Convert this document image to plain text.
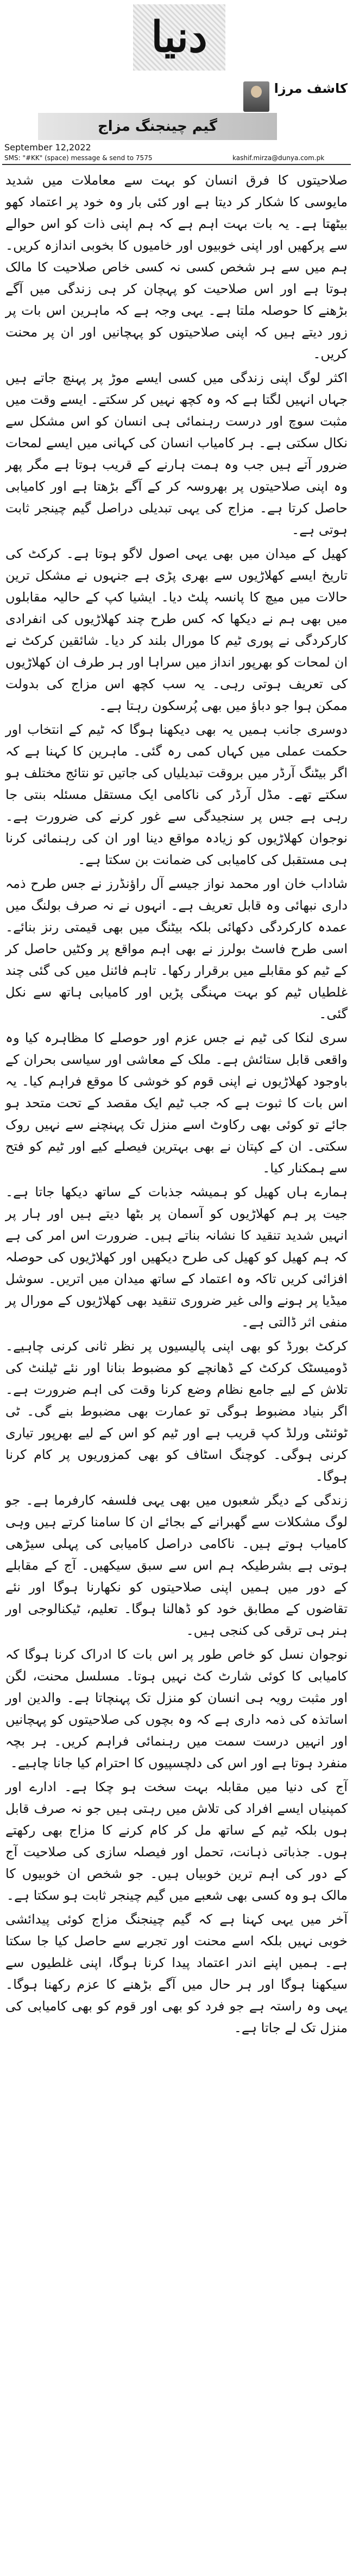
دنیا
کاشف مرزا
گیم چینجنگ مزاج
September 12,2022
SMS: "#KK" (space) message & send to 7575	kashif.mirza@dunya.com.pk

صلاحیتوں کا فرق انسان کو بہت سے معاملات میں شدید مایوسی کا شکار کر دیتا ہے اور کئی بار وہ خود پر اعتماد کھو بیٹھتا ہے۔ یہ بات بہت اہم ہے کہ ہم اپنی ذات کو اس حوالے سے پرکھیں اور اپنی خوبیوں اور خامیوں کا بخوبی اندازہ کریں۔ ہم میں سے ہر شخص کسی نہ کسی خاص صلاحیت کا مالک ہوتا ہے اور اس صلاحیت کو پہچان کر ہی زندگی میں آگے بڑھنے کا حوصلہ ملتا ہے۔ یہی وجہ ہے کہ ماہرین اس بات پر زور دیتے ہیں کہ اپنی صلاحیتوں کو پہچانیں اور ان پر محنت کریں۔

اکثر لوگ اپنی زندگی میں کسی ایسے موڑ پر پہنچ جاتے ہیں جہاں انہیں لگتا ہے کہ وہ کچھ نہیں کر سکتے۔ ایسے وقت میں مثبت سوچ اور درست رہنمائی ہی انسان کو اس مشکل سے نکال سکتی ہے۔ ہر کامیاب انسان کی کہانی میں ایسے لمحات ضرور آتے ہیں جب وہ ہمت ہارنے کے قریب ہوتا ہے مگر پھر وہ اپنی صلاحیتوں پر بھروسہ کر کے آگے بڑھتا ہے اور کامیابی حاصل کرتا ہے۔ مزاج کی یہی تبدیلی دراصل گیم چینجر ثابت ہوتی ہے۔

کھیل کے میدان میں بھی یہی اصول لاگو ہوتا ہے۔ کرکٹ کی تاریخ ایسے کھلاڑیوں سے بھری پڑی ہے جنہوں نے مشکل ترین حالات میں میچ کا پانسہ پلٹ دیا۔ ایشیا کپ کے حالیہ مقابلوں میں بھی ہم نے دیکھا کہ کس طرح چند کھلاڑیوں کی انفرادی کارکردگی نے پوری ٹیم کا مورال بلند کر دیا۔ شائقین کرکٹ نے ان لمحات کو بھرپور انداز میں سراہا اور ہر طرف ان کھلاڑیوں کی تعریف ہوتی رہی۔ یہ سب کچھ اس مزاج کی بدولت ممکن ہوا جو دباؤ میں بھی پُرسکون رہتا ہے۔

دوسری جانب ہمیں یہ بھی دیکھنا ہوگا کہ ٹیم کے انتخاب اور حکمت عملی میں کہاں کمی رہ گئی۔ ماہرین کا کہنا ہے کہ اگر بیٹنگ آرڈر میں بروقت تبدیلیاں کی جاتیں تو نتائج مختلف ہو سکتے تھے۔ مڈل آرڈر کی ناکامی ایک مستقل مسئلہ بنتی جا رہی ہے جس پر سنجیدگی سے غور کرنے کی ضرورت ہے۔ نوجوان کھلاڑیوں کو زیادہ مواقع دینا اور ان کی رہنمائی کرنا ہی مستقبل کی کامیابی کی ضمانت بن سکتا ہے۔

شاداب خان اور محمد نواز جیسے آل راؤنڈرز نے جس طرح ذمہ داری نبھائی وہ قابل تعریف ہے۔ انہوں نے نہ صرف بولنگ میں عمدہ کارکردگی دکھائی بلکہ بیٹنگ میں بھی قیمتی رنز بنائے۔ اسی طرح فاسٹ بولرز نے بھی اہم مواقع پر وکٹیں حاصل کر کے ٹیم کو مقابلے میں برقرار رکھا۔ تاہم فائنل میں کی گئی چند غلطیاں ٹیم کو بہت مہنگی پڑیں اور کامیابی ہاتھ سے نکل گئی۔

سری لنکا کی ٹیم نے جس عزم اور حوصلے کا مظاہرہ کیا وہ واقعی قابل ستائش ہے۔ ملک کے معاشی اور سیاسی بحران کے باوجود کھلاڑیوں نے اپنی قوم کو خوشی کا موقع فراہم کیا۔ یہ اس بات کا ثبوت ہے کہ جب ٹیم ایک مقصد کے تحت متحد ہو جائے تو کوئی بھی رکاوٹ اسے منزل تک پہنچنے سے نہیں روک سکتی۔ ان کے کپتان نے بھی بہترین فیصلے کیے اور ٹیم کو فتح سے ہمکنار کیا۔

ہمارے ہاں کھیل کو ہمیشہ جذبات کے ساتھ دیکھا جاتا ہے۔ جیت پر ہم کھلاڑیوں کو آسمان پر بٹھا دیتے ہیں اور ہار پر انہیں شدید تنقید کا نشانہ بناتے ہیں۔ ضرورت اس امر کی ہے کہ ہم کھیل کو کھیل کی طرح دیکھیں اور کھلاڑیوں کی حوصلہ افزائی کریں تاکہ وہ اعتماد کے ساتھ میدان میں اتریں۔ سوشل میڈیا پر ہونے والی غیر ضروری تنقید بھی کھلاڑیوں کے مورال پر منفی اثر ڈالتی ہے۔

کرکٹ بورڈ کو بھی اپنی پالیسیوں پر نظر ثانی کرنی چاہیے۔ ڈومیسٹک کرکٹ کے ڈھانچے کو مضبوط بنانا اور نئے ٹیلنٹ کی تلاش کے لیے جامع نظام وضع کرنا وقت کی اہم ضرورت ہے۔ اگر بنیاد مضبوط ہوگی تو عمارت بھی مضبوط بنے گی۔ ٹی ٹوئنٹی ورلڈ کپ قریب ہے اور ٹیم کو اس کے لیے بھرپور تیاری کرنی ہوگی۔ کوچنگ اسٹاف کو بھی کمزوریوں پر کام کرنا ہوگا۔

زندگی کے دیگر شعبوں میں بھی یہی فلسفہ کارفرما ہے۔ جو لوگ مشکلات سے گھبرانے کے بجائے ان کا سامنا کرتے ہیں وہی کامیاب ہوتے ہیں۔ ناکامی دراصل کامیابی کی پہلی سیڑھی ہوتی ہے بشرطیکہ ہم اس سے سبق سیکھیں۔ آج کے مقابلے کے دور میں ہمیں اپنی صلاحیتوں کو نکھارنا ہوگا اور نئے تقاضوں کے مطابق خود کو ڈھالنا ہوگا۔ تعلیم، ٹیکنالوجی اور ہنر ہی ترقی کی کنجی ہیں۔

نوجوان نسل کو خاص طور پر اس بات کا ادراک کرنا ہوگا کہ کامیابی کا کوئی شارٹ کٹ نہیں ہوتا۔ مسلسل محنت، لگن اور مثبت رویہ ہی انسان کو منزل تک پہنچاتا ہے۔ والدین اور اساتذہ کی ذمہ داری ہے کہ وہ بچوں کی صلاحیتوں کو پہچانیں اور انہیں درست سمت میں رہنمائی فراہم کریں۔ ہر بچہ منفرد ہوتا ہے اور اس کی دلچسپیوں کا احترام کیا جانا چاہیے۔

آج کی دنیا میں مقابلہ بہت سخت ہو چکا ہے۔ ادارے اور کمپنیاں ایسے افراد کی تلاش میں رہتی ہیں جو نہ صرف قابل ہوں بلکہ ٹیم کے ساتھ مل کر کام کرنے کا مزاج بھی رکھتے ہوں۔ جذباتی ذہانت، تحمل اور فیصلہ سازی کی صلاحیت آج کے دور کی اہم ترین خوبیاں ہیں۔ جو شخص ان خوبیوں کا مالک ہو وہ کسی بھی شعبے میں گیم چینجر ثابت ہو سکتا ہے۔

آخر میں یہی کہنا ہے کہ گیم چینجنگ مزاج کوئی پیدائشی خوبی نہیں بلکہ اسے محنت اور تجربے سے حاصل کیا جا سکتا ہے۔ ہمیں اپنے اندر اعتماد پیدا کرنا ہوگا، اپنی غلطیوں سے سیکھنا ہوگا اور ہر حال میں آگے بڑھنے کا عزم رکھنا ہوگا۔ یہی وہ راستہ ہے جو فرد کو بھی اور قوم کو بھی کامیابی کی منزل تک لے جاتا ہے۔
